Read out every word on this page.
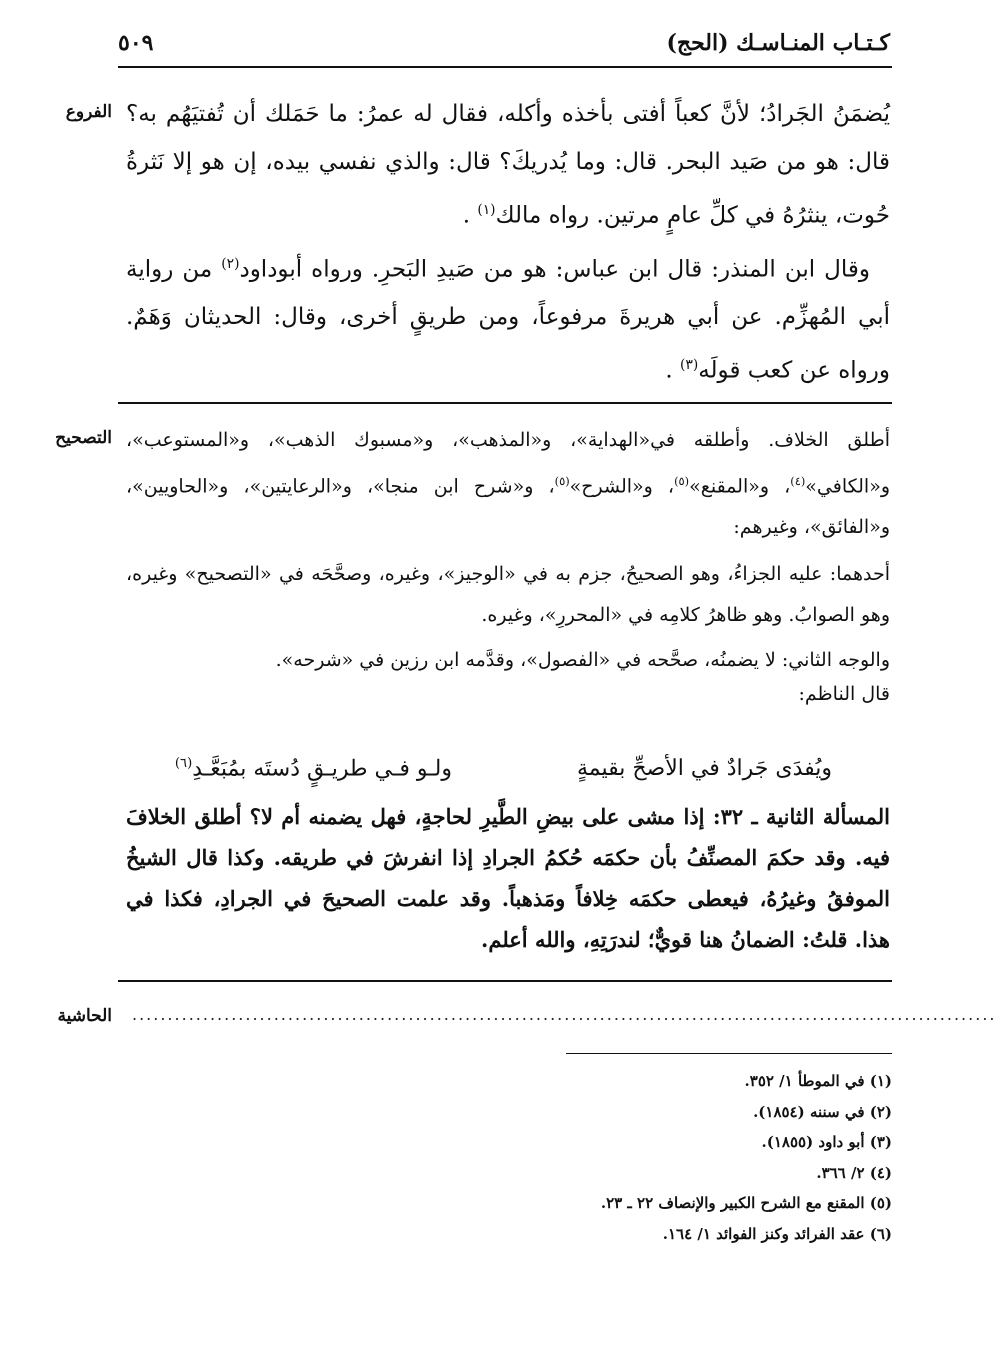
كـتـاب المنـاسـك (الحج)
٥٠٩
الفروع يُضمَنُ الجَرادُ؛ لأنَّ كعباً أفتى بأخذه وأكله، فقال له عمرُ: ما حَمَلك أن تُفتيَهُم به؟ قال: هو من صَيد البحر. قال: وما يُدريكَ؟ قال: والذي نفسي بيده، إن هو إلا نَثرةُ حُوت، ينثرُهُ في كلِّ عامٍ مرتين. رواه مالك$^{(١)}$ .

وقال ابن المنذر: قال ابن عباس: هو من صَيدِ البَحرِ. ورواه أبوداود$^{(٢)}$ من رواية أبي المُهزِّم. عن أبي هريرةَ مرفوعاً، ومن طريقٍ أخرى، وقال: الحديثان وَهَمٌ. ورواه عن كعب قولَه$^{(٣)}$ .

التصحيح أطلق الخلاف. وأطلقه في«الهداية»، و«المذهب»، و«مسبوك الذهب»، و«المستوعب»، و«الكافي»$^{(٤)}$، و«المقنع»$^{(٥)}$، و«الشرح»$^{(٥)}$، و«شرح ابن منجا»، و«الرعايتين»، و«الحاويين»، و«الفائق»، وغيرهم:

أحدهما: عليه الجزاءُ، وهو الصحيحُ، جزم به في «الوجيز»، وغيره، وصحَّحَه في «التصحيح» وغيره، وهو الصوابُ. وهو ظاهرُ كلامِه في «المحررِ»، وغيره.

والوجه الثاني: لا يضمنُه، صحَّحه في «الفصول»، وقدَّمه ابن رزين في «شرحه».

قال الناظم:

ويُفدَى جَرادٌ في الأصحِّ بقيمةٍ
ولـو فـي طريـقٍ دُستَه بمُبَعَّـدِ$^{(٦)}$

المسألة الثانية ـ ٣٢: إذا مشى على بيضِ الطَّيرِ لحاجةٍ، فهل يضمنه أم لا؟ أطلق الخلافَ فيه. وقد حكمَ المصنِّفُ بأن حكمَه حُكمُ الجرادِ إذا انفرشَ في طريقه. وكذا قال الشيخُ الموفقُ وغيرُهُ، فيعطى حكمَه خِلافاً ومَذهباً. وقد علمت الصحيحَ في الجرادِ، فكذا في هذا. قلتُ: الضمانُ هنا قويٌّ؛ لندرَتِهِ، والله أعلم.

الحاشية ..........................................................................................................................
(١) في الموطأ ١/ ٣٥٢.
(٢) في سننه (١٨٥٤).
(٣) أبو داود (١٨٥٥).
(٤) ٢/ ٣٦٦.
(٥) المقنع مع الشرح الكبير والإنصاف ٢٢ ـ ٢٣.
(٦) عقد الفرائد وكنز الفوائد ١/ ١٦٤.
